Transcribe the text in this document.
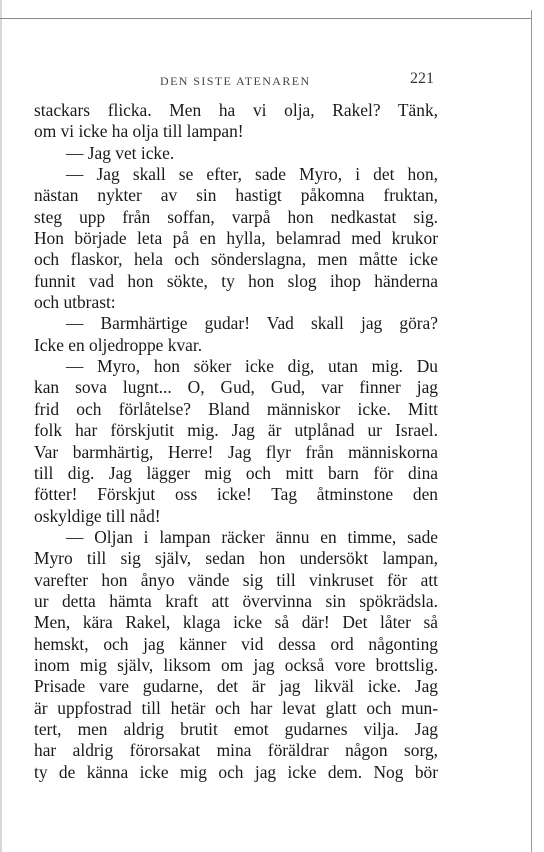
DEN SISTE ATENAREN	221
stackars flicka. Men ha vi olja, Rakel? Tänk,
om vi icke ha olja till lampan!
— Jag vet icke.
— Jag skall se efter, sade Myro, i det hon,
nästan nykter av sin hastigt påkomna fruktan,
steg upp från soffan, varpå hon nedkastat sig.
Hon började leta på en hylla, belamrad med krukor
och flaskor, hela och sönderslagna, men måtte icke
funnit vad hon sökte, ty hon slog ihop händerna
och utbrast:
— Barmhärtige gudar! Vad skall jag göra?
Icke en oljedroppe kvar.
— Myro, hon söker icke dig, utan mig. Du
kan sova lugnt... O, Gud, Gud, var finner jag
frid och förlåtelse? Bland människor icke. Mitt
folk har förskjutit mig. Jag är utplånad ur Israel.
Var barmhärtig, Herre! Jag flyr från människorna
till dig. Jag lägger mig och mitt barn för dina
fötter! Förskjut oss icke! Tag åtminstone den
oskyldige till nåd!
— Oljan i lampan räcker ännu en timme, sade
Myro till sig själv, sedan hon undersökt lampan,
varefter hon ånyo vände sig till vinkruset för att
ur detta hämta kraft att övervinna sin spökrädsla.
Men, kära Rakel, klaga icke så där! Det låter så
hemskt, och jag känner vid dessa ord någonting
inom mig själv, liksom om jag också vore brottslig.
Prisade vare gudarne, det är jag likväl icke. Jag
är uppfostrad till hetär och har levat glatt och mun-
tert, men aldrig brutit emot gudarnes vilja. Jag
har aldrig förorsakat mina föräldrar någon sorg,
ty de känna icke mig och jag icke dem. Nog bör
